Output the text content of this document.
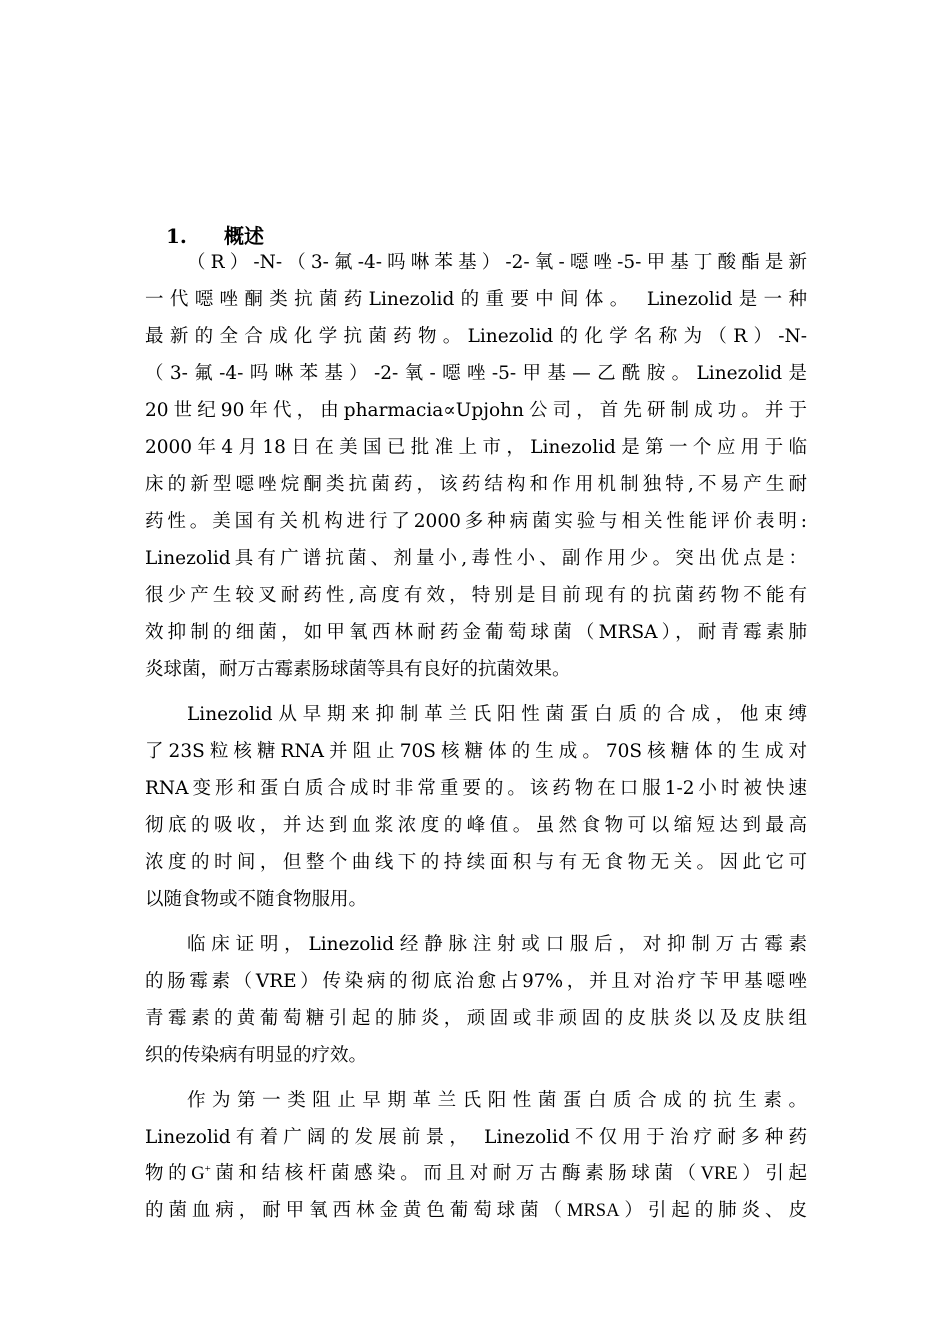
1. 概述
（R）-N-（3-氟-4-吗啉苯基）-2-氧-噁唑-5-甲基丁酸酯是新
一代噁唑酮类抗菌药Linezolid的重要中间体。 Linezolid是一种
最新的全合成化学抗菌药物。Linezolid的化学名称为（R）-N-
（3-氟-4-吗啉苯基）-2-氧-噁唑-5-甲基—乙酰胺。Linezolid是
20世纪90年代，由pharmacia∝Upjohn公司，首先研制成功。并于
2000年4月18日在美国已批准上市，Linezolid是第一个应用于临
床的新型噁唑烷酮类抗菌药，该药结构和作用机制独特,不易产生耐
药性。美国有关机构进行了2000多种病菌实验与相关性能评价表明:
Linezolid具有广谱抗菌、剂量小,毒性小、副作用少。突出优点是：
很少产生较叉耐药性,高度有效，特别是目前现有的抗菌药物不能有
效抑制的细菌，如甲氧西林耐药金葡萄球菌（MRSA），耐青霉素肺
炎球菌，耐万古霉素肠球菌等具有良好的抗菌效果。
Linezolid从早期来抑制革兰氏阳性菌蛋白质的合成，他束缚
了23S粒核糖RNA并阻止70S核糖体的生成。70S核糖体的生成对
RNA变形和蛋白质合成时非常重要的。该药物在口服1-2小时被快速
彻底的吸收，并达到血浆浓度的峰值。虽然食物可以缩短达到最高
浓度的时间，但整个曲线下的持续面积与有无食物无关。因此它可
以随食物或不随食物服用。
临床证明，Linezolid经静脉注射或口服后，对抑制万古霉素
的肠霉素（VRE）传染病的彻底治愈占97%，并且对治疗苄甲基噁唑
青霉素的黄葡萄糖引起的肺炎，顽固或非顽固的皮肤炎以及皮肤组
织的传染病有明显的疗效。
作为第一类阻止早期革兰氏阳性菌蛋白质合成的抗生素。
Linezolid有着广阔的发展前景， Linezolid不仅用于治疗耐多种药
物的G+菌和结核杆菌感染。而且对耐万古酶素肠球菌（VRE）引起
的菌血病，耐甲氧西林金黄色葡萄球菌（MRSA）引起的肺炎、皮
